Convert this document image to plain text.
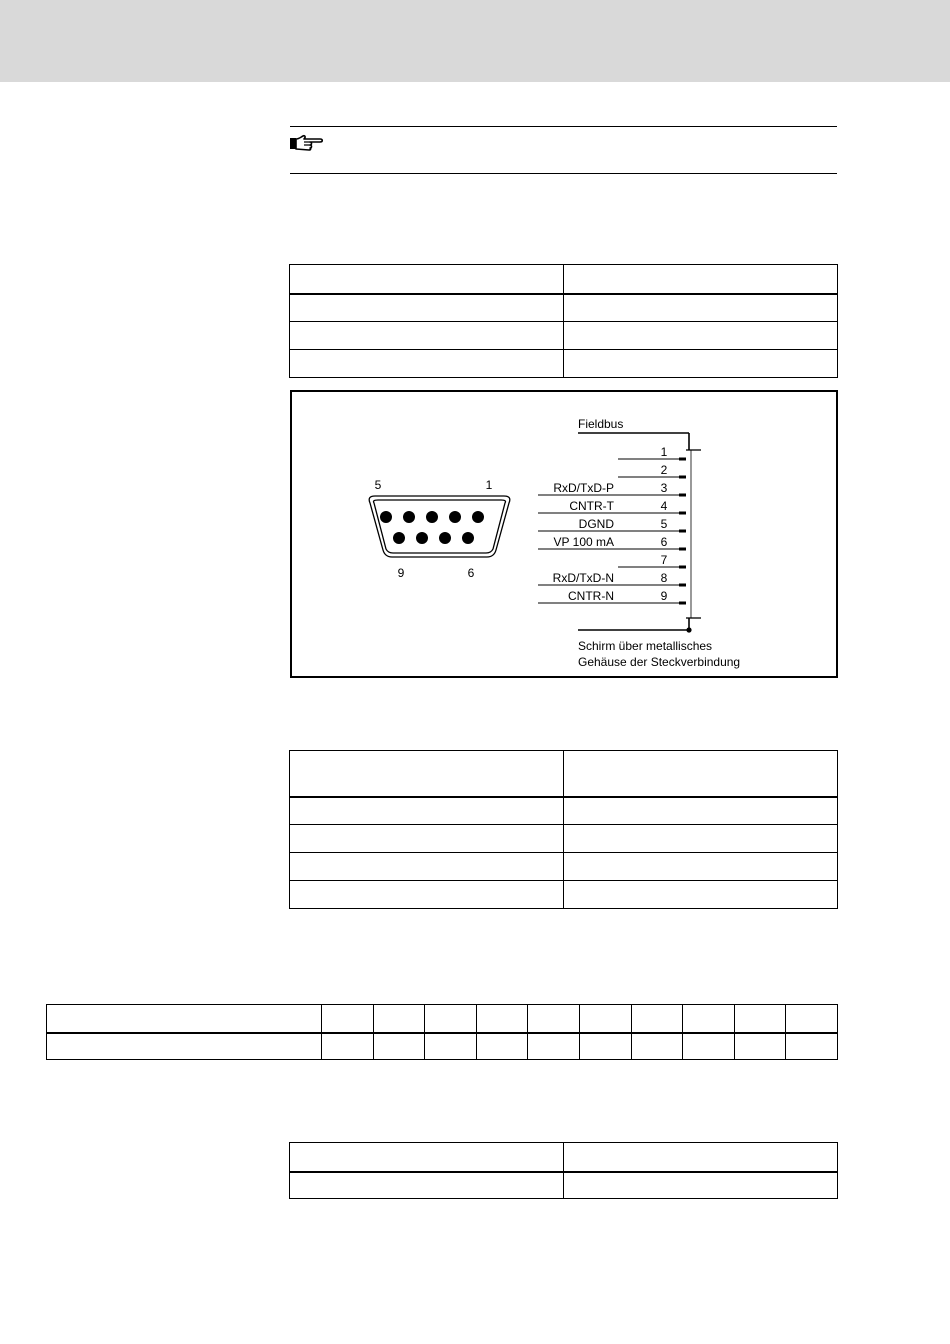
5	1
9	6
Fieldbus
1
2
3
RxD/TxD-P
4
CNTR-T
5
DGND
6
VP 100 mA
7
8
RxD/TxD-N
9
CNTR-N
Schirm über metallisches
Gehäuse der Steckverbindung
